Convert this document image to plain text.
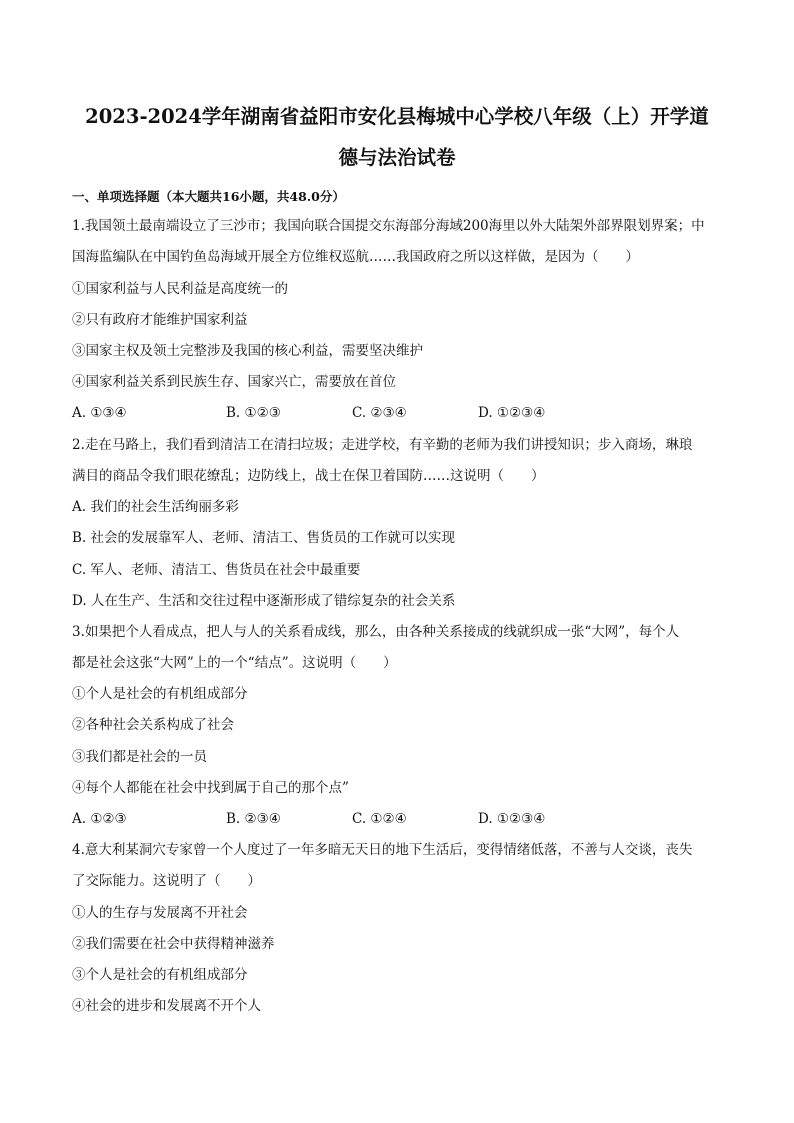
2023-2024学年湖南省益阳市安化县梅城中心学校八年级（上）开学道
德与法治试卷
一、单项选择题（本大题共16小题，共48.0分）
1.我国领土最南端设立了三沙市；我国向联合国提交东海部分海域200海里以外大陆架外部界限划界案；中
国海监编队在中国钓鱼岛海域开展全方位维权巡航……我国政府之所以这样做，是因为（　　）
①国家利益与人民利益是高度统一的
②只有政府才能维护国家利益
③国家主权及领土完整涉及我国的核心利益，需要坚决维护
④国家利益关系到民族生存、国家兴亡，需要放在首位
A. ①③④	B. ①②③	C. ②③④	D. ①②③④
2.走在马路上，我们看到清洁工在清扫垃圾；走进学校，有辛勤的老师为我们讲授知识；步入商场，琳琅
满目的商品令我们眼花缭乱；边防线上，战士在保卫着国防……这说明（　　）
A. 我们的社会生活绚丽多彩
B. 社会的发展靠军人、老师、清洁工、售货员的工作就可以实现
C. 军人、老师、清洁工、售货员在社会中最重要
D. 人在生产、生活和交往过程中逐渐形成了错综复杂的社会关系
3.如果把个人看成点，把人与人的关系看成线，那么，由各种关系接成的线就织成一张“大网”，每个人
都是社会这张“大网”上的一个“结点”。这说明（　　）
①个人是社会的有机组成部分
②各种社会关系构成了社会
③我们都是社会的一员
④每个人都能在社会中找到属于自己的那个点”
A. ①②③	B. ②③④	C. ①②④	D. ①②③④
4.意大利某洞穴专家曾一个人度过了一年多暗无天日的地下生活后，变得情绪低落，不善与人交谈，丧失
了交际能力。这说明了（　　）
①人的生存与发展离不开社会
②我们需要在社会中获得精神滋养
③个人是社会的有机组成部分
④社会的进步和发展离不开个人
